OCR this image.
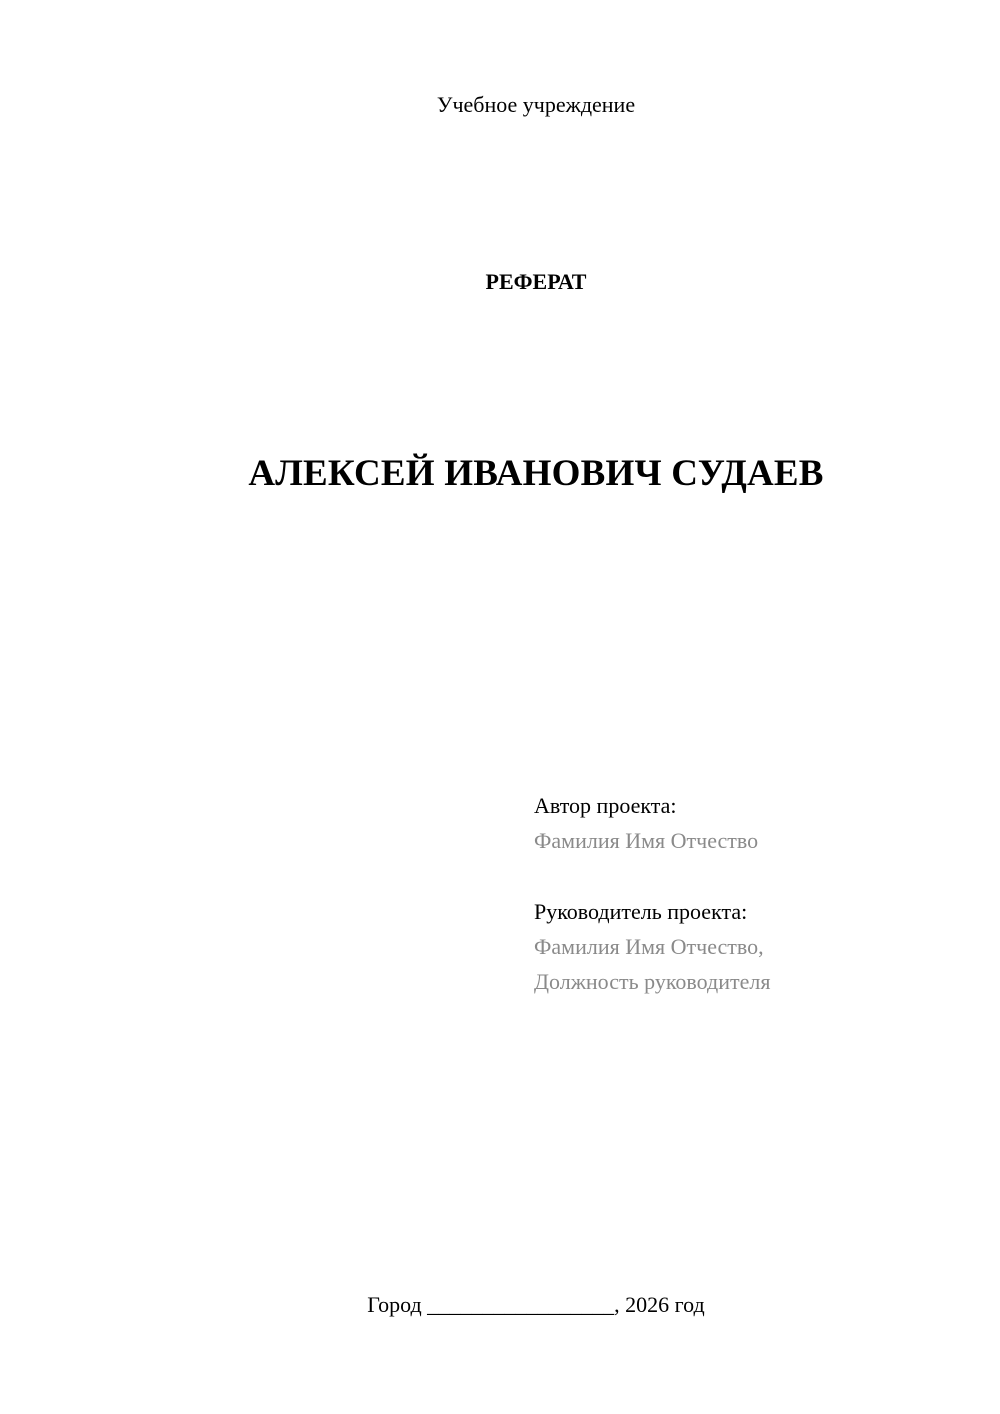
Учебное учреждение
РЕФЕРАТ
АЛЕКСЕЙ ИВАНОВИЧ СУДАЕВ
Автор проекта:
Фамилия Имя Отчество
Руководитель проекта:
Фамилия Имя Отчество,
Должность руководителя
Город _________________, 2026 год
